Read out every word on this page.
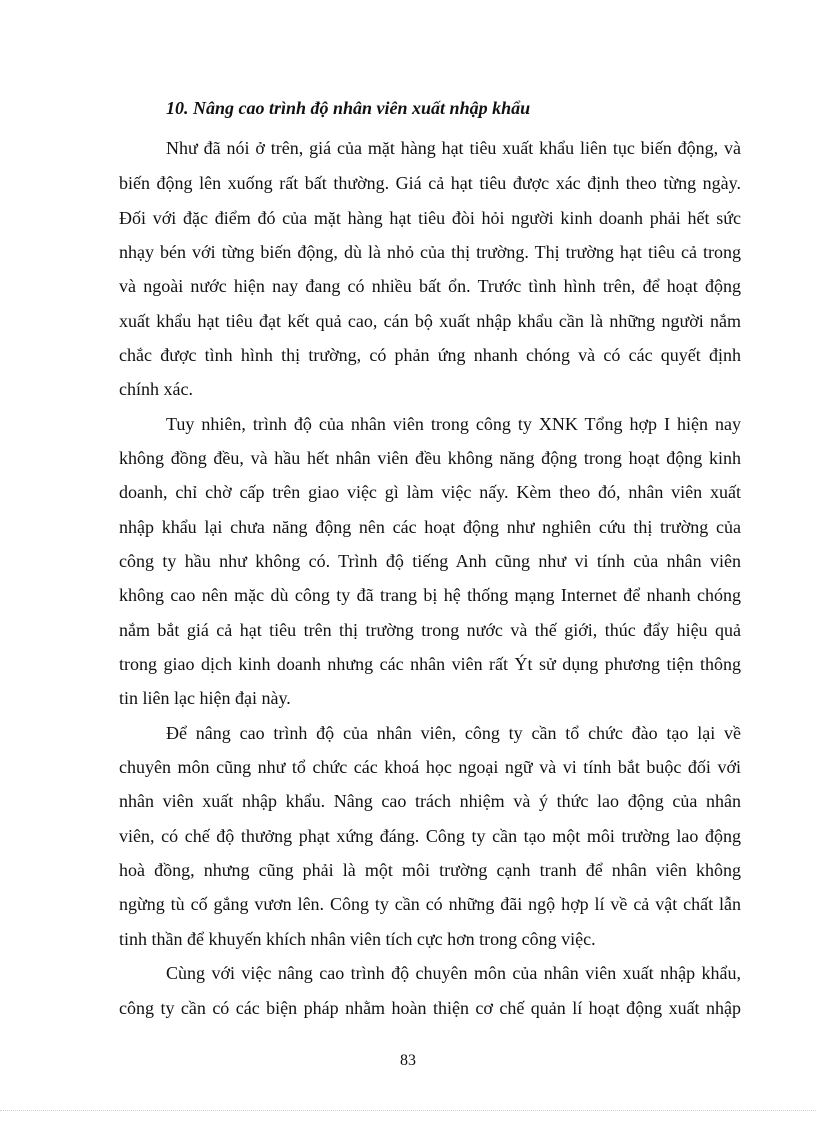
10. Nâng cao trình độ nhân viên xuất nhập khẩu
Như đã nói ở trên, giá của mặt hàng hạt tiêu xuất khẩu liên tục biến động, và
biến động lên xuống rất bất thường. Giá cả hạt tiêu được xác định theo từng ngày.
Đối với đặc điểm đó của mặt hàng hạt tiêu đòi hỏi người kinh doanh phải hết sức
nhạy bén với từng biến động, dù là nhỏ của thị trường. Thị trường hạt tiêu cả trong
và ngoài nước hiện nay đang có nhiều bất ổn. Trước tình hình trên, để hoạt động
xuất khẩu hạt tiêu đạt kết quả cao, cán bộ xuất nhập khẩu cần là những người nắm
chắc được tình hình thị trường, có phản ứng nhanh chóng và có các quyết định
chính xác.
Tuy nhiên, trình độ của nhân viên trong công ty XNK Tổng hợp I hiện nay
không đồng đều, và hầu hết nhân viên đều không năng động trong hoạt động kinh
doanh, chỉ chờ cấp trên giao việc gì làm việc nấy. Kèm theo đó, nhân viên xuất
nhập khẩu lại chưa năng động nên các hoạt động như nghiên cứu thị trường của
công ty hầu như không có. Trình độ tiếng Anh cũng như vi tính của nhân viên
không cao nên mặc dù công ty đã trang bị hệ thống mạng Internet để nhanh chóng
nắm bắt giá cả hạt tiêu trên thị trường trong nước và thế giới, thúc đẩy hiệu quả
trong giao dịch kinh doanh nhưng các nhân viên rất Ýt sử dụng phương tiện thông
tin liên lạc hiện đại này.
Để nâng cao trình độ của nhân viên, công ty cần tổ chức đào tạo lại về
chuyên môn cũng như tổ chức các khoá học ngoại ngữ và vi tính bắt buộc đối với
nhân viên xuất nhập khẩu. Nâng cao trách nhiệm và ý thức lao động của nhân
viên, có chế độ thưởng phạt xứng đáng. Công ty cần tạo một môi trường lao động
hoà đồng, nhưng cũng phải là một môi trường cạnh tranh để nhân viên không
ngừng tù cố gắng vươn lên. Công ty cần có những đãi ngộ hợp lí về cả vật chất lẫn
tinh thần để khuyến khích nhân viên tích cực hơn trong công việc.
Cùng với việc nâng cao trình độ chuyên môn của nhân viên xuất nhập khẩu,
công ty cần có các biện pháp nhằm hoàn thiện cơ chế quản lí hoạt động xuất nhập
83
